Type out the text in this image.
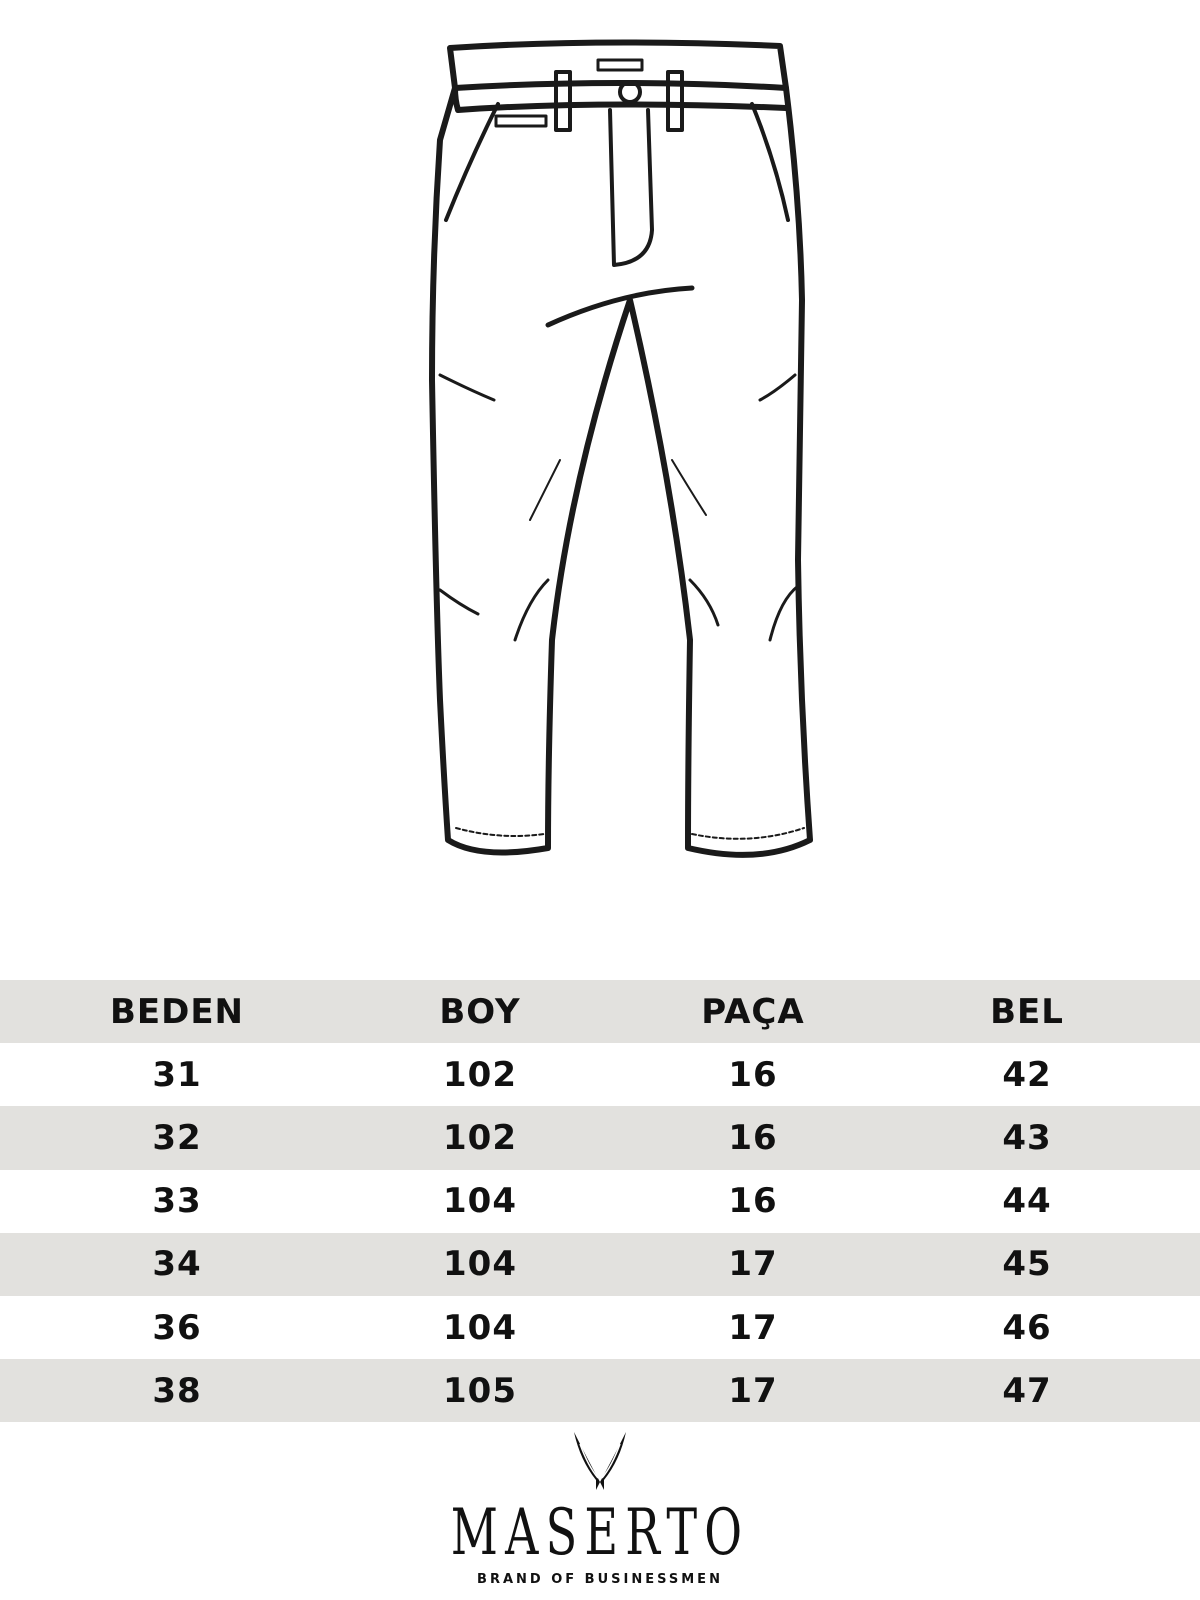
BEDEN	BOY	PAÇA	BEL
31	102	16	42
32	102	16	43
33	104	16	44
34	104	17	45
36	104	17	46
38	105	17	47
MASERTO
BRAND OF BUSINESSMEN
